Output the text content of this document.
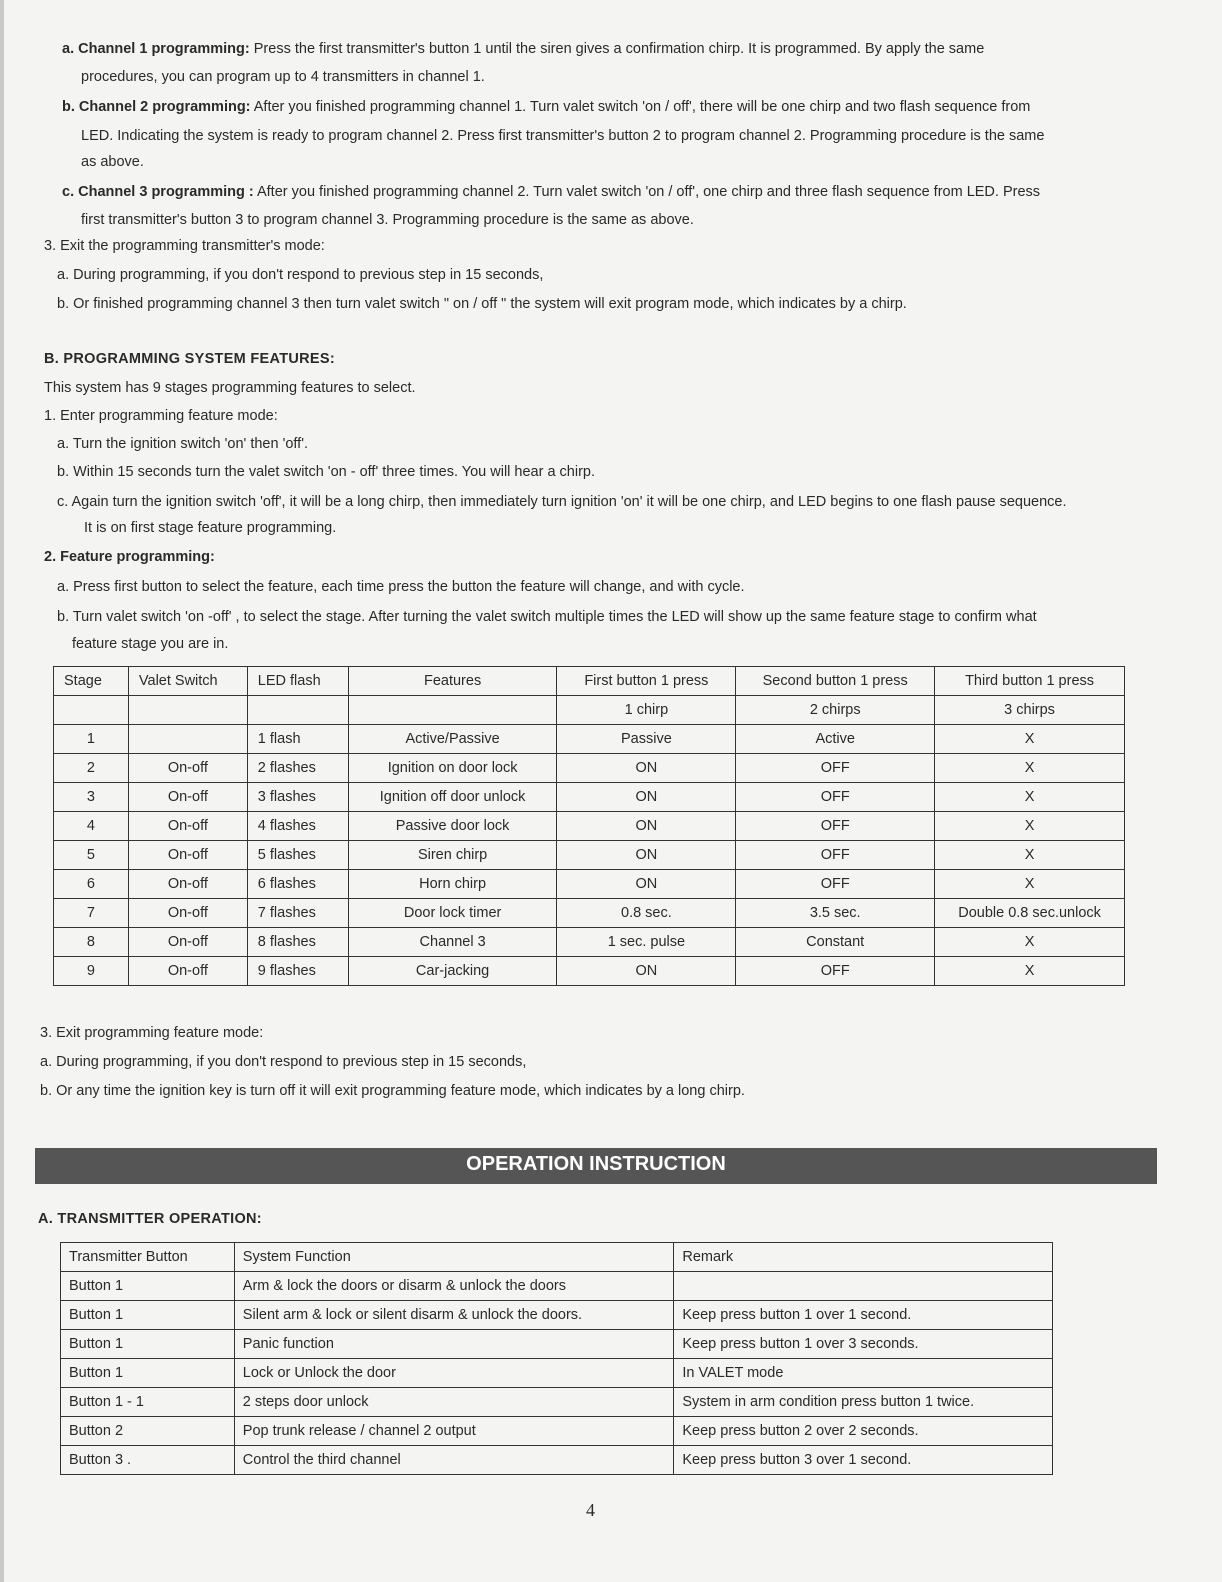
a. Channel 1 programming: Press the first transmitter's button 1 until the siren gives a confirmation chirp. It is programmed. By apply the same
procedures, you can program up to 4 transmitters in channel 1.
b. Channel 2 programming: After you finished programming channel 1. Turn valet switch 'on / off', there will be one chirp and two flash sequence from
LED. Indicating the system is ready to program channel 2. Press first transmitter's button 2 to program channel 2. Programming procedure is the same
as above.
c. Channel 3 programming : After you finished programming channel 2. Turn valet switch 'on / off', one chirp and three flash sequence from LED. Press
first transmitter's button 3 to program channel 3. Programming procedure is the same as above.
3. Exit the programming transmitter's mode:
a. During programming, if you don't respond to previous step in 15 seconds,
b. Or finished programming channel 3 then turn valet switch " on / off " the system will exit program mode, which indicates by a chirp.
B. PROGRAMMING SYSTEM FEATURES:
This system has 9 stages programming features to select.
1. Enter programming feature mode:
a. Turn the ignition switch 'on' then 'off'.
b. Within 15 seconds turn the valet switch 'on - off' three times. You will hear a chirp.
c. Again turn the ignition switch 'off', it will be a long chirp, then immediately turn ignition 'on' it will be one chirp, and LED begins to one flash pause sequence.
It is on first stage feature programming.
2. Feature programming:
a. Press first button to select the feature, each time press the button the feature will change, and with cycle.
b. Turn valet switch 'on -off' , to select the stage. After turning the valet switch multiple times the LED will show up the same feature stage to confirm what
feature stage you are in.
Stage	Valet Switch	LED flash	Features	First button 1 press	Second button 1 press	Third button 1 press
				1 chirp	2 chirps	3 chirps
1		1 flash	Active/Passive	Passive	Active	X
2	On-off	2 flashes	Ignition on door lock	ON	OFF	X
3	On-off	3 flashes	Ignition off door unlock	ON	OFF	X
4	On-off	4 flashes	Passive door lock	ON	OFF	X
5	On-off	5 flashes	Siren chirp	ON	OFF	X
6	On-off	6 flashes	Horn chirp	ON	OFF	X
7	On-off	7 flashes	Door lock timer	0.8 sec.	3.5 sec.	Double 0.8 sec.unlock
8	On-off	8 flashes	Channel 3	1 sec. pulse	Constant	X
9	On-off	9 flashes	Car-jacking	ON	OFF	X
3. Exit programming feature mode:
a. During programming, if you don't respond to previous step in 15 seconds,
b. Or any time the ignition key is turn off it will exit programming feature mode, which indicates by a long chirp.
OPERATION INSTRUCTION
A. TRANSMITTER OPERATION:
Transmitter Button	System Function	Remark
Button 1	Arm & lock the doors or disarm & unlock the doors	
Button 1	Silent arm & lock or silent disarm & unlock the doors.	Keep press button 1 over 1 second.
Button 1	Panic function	Keep press button 1 over 3 seconds.
Button 1	Lock or Unlock the door	In VALET mode
Button 1 - 1	2 steps door unlock	System in arm condition press button 1 twice.
Button 2	Pop trunk release / channel 2 output	Keep press button 2 over 2 seconds.
Button 3 .	Control the third channel	Keep press button 3 over 1 second.
4
